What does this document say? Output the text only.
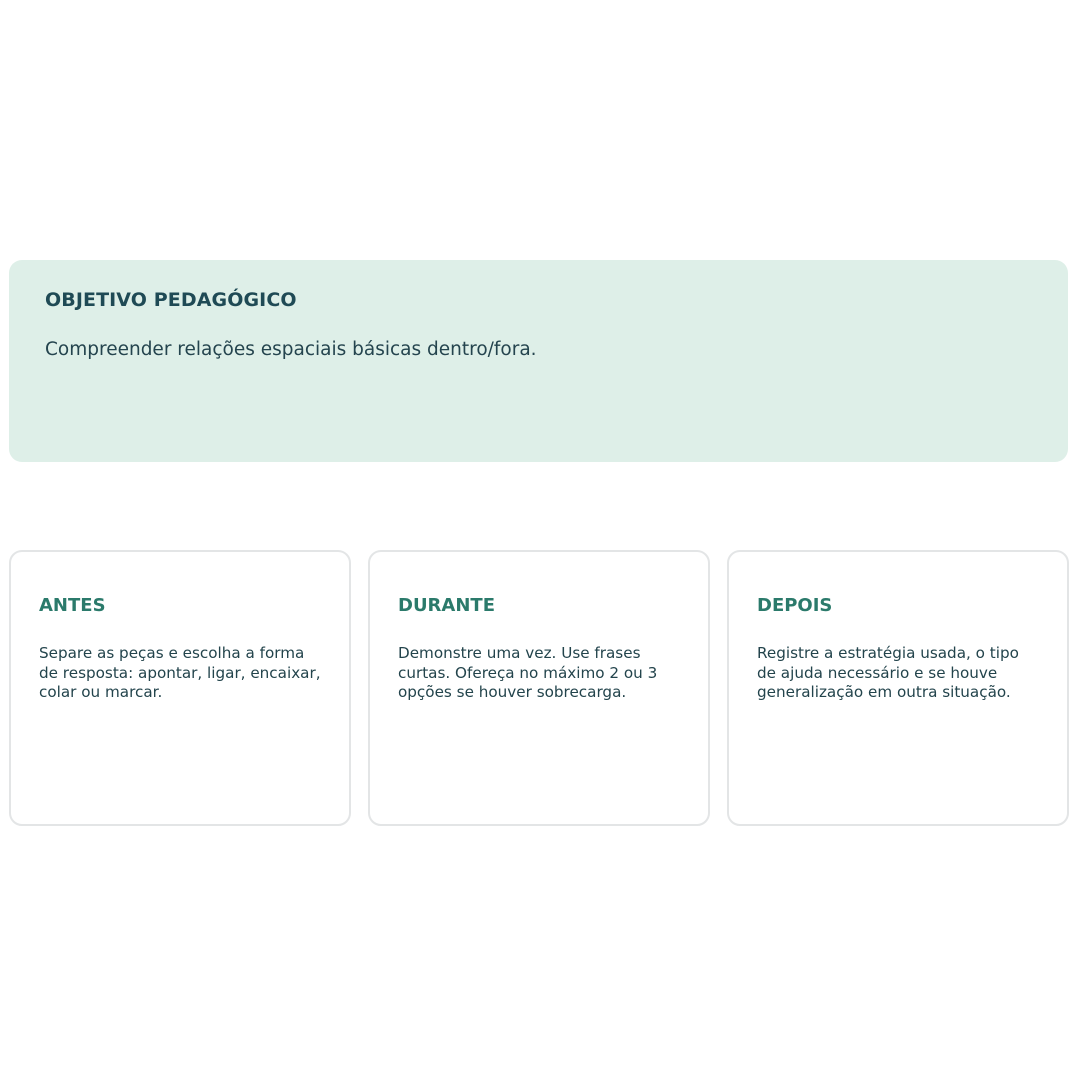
OBJETIVO PEDAGÓGICO

Compreender relações espaciais básicas dentro/fora.

ANTES

Separe as peças e escolha a forma de resposta: apontar, ligar, encaixar, colar ou marcar.

DURANTE

Demonstre uma vez. Use frases curtas. Ofereça no máximo 2 ou 3 opções se houver sobrecarga.

DEPOIS

Registre a estratégia usada, o tipo de ajuda necessário e se houve generalização em outra situação.
